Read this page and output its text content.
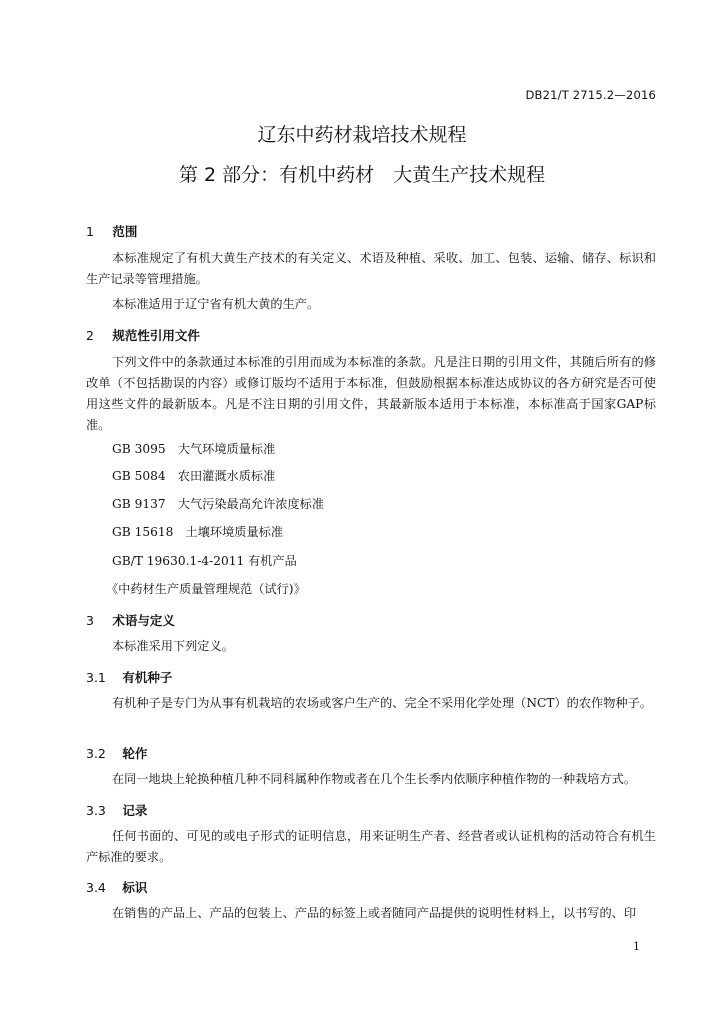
DB21/T 2715.2—2016
辽东中药材栽培技术规程
第 2 部分：有机中药材　大黄生产技术规程
1 范围
本标准规定了有机大黄生产技术的有关定义、术语及种植、采收、加工、包装、运输、储存、标识和生产记录等管理措施。
本标准适用于辽宁省有机大黄的生产。
2 规范性引用文件
下列文件中的条款通过本标准的引用而成为本标准的条款。凡是注日期的引用文件，其随后所有的修改单（不包括勘误的内容）或修订版均不适用于本标准，但鼓励根据本标准达成协议的各方研究是否可使用这些文件的最新版本。凡是不注日期的引用文件，其最新版本适用于本标准，本标准高于国家GAP标准。
GB 3095　大气环境质量标准
GB 5084　农田灌溉水质标准
GB 9137　大气污染最高允许浓度标准
GB 15618　土壤环境质量标准
GB/T 19630.1-4-2011 有机产品
《中药材生产质量管理规范（试行)》
3 术语与定义
本标准采用下列定义。
3.1 有机种子
有机种子是专门为从事有机栽培的农场或客户生产的、完全不采用化学处理（NCT）的农作物种子。
3.2 轮作
在同一地块上轮换种植几种不同科属种作物或者在几个生长季内依顺序种植作物的一种栽培方式。
3.3 记录
任何书面的、可见的或电子形式的证明信息，用来证明生产者、经营者或认证机构的活动符合有机生产标准的要求。
3.4 标识
在销售的产品上、产品的包装上、产品的标签上或者随同产品提供的说明性材料上，以书写的、印
1
